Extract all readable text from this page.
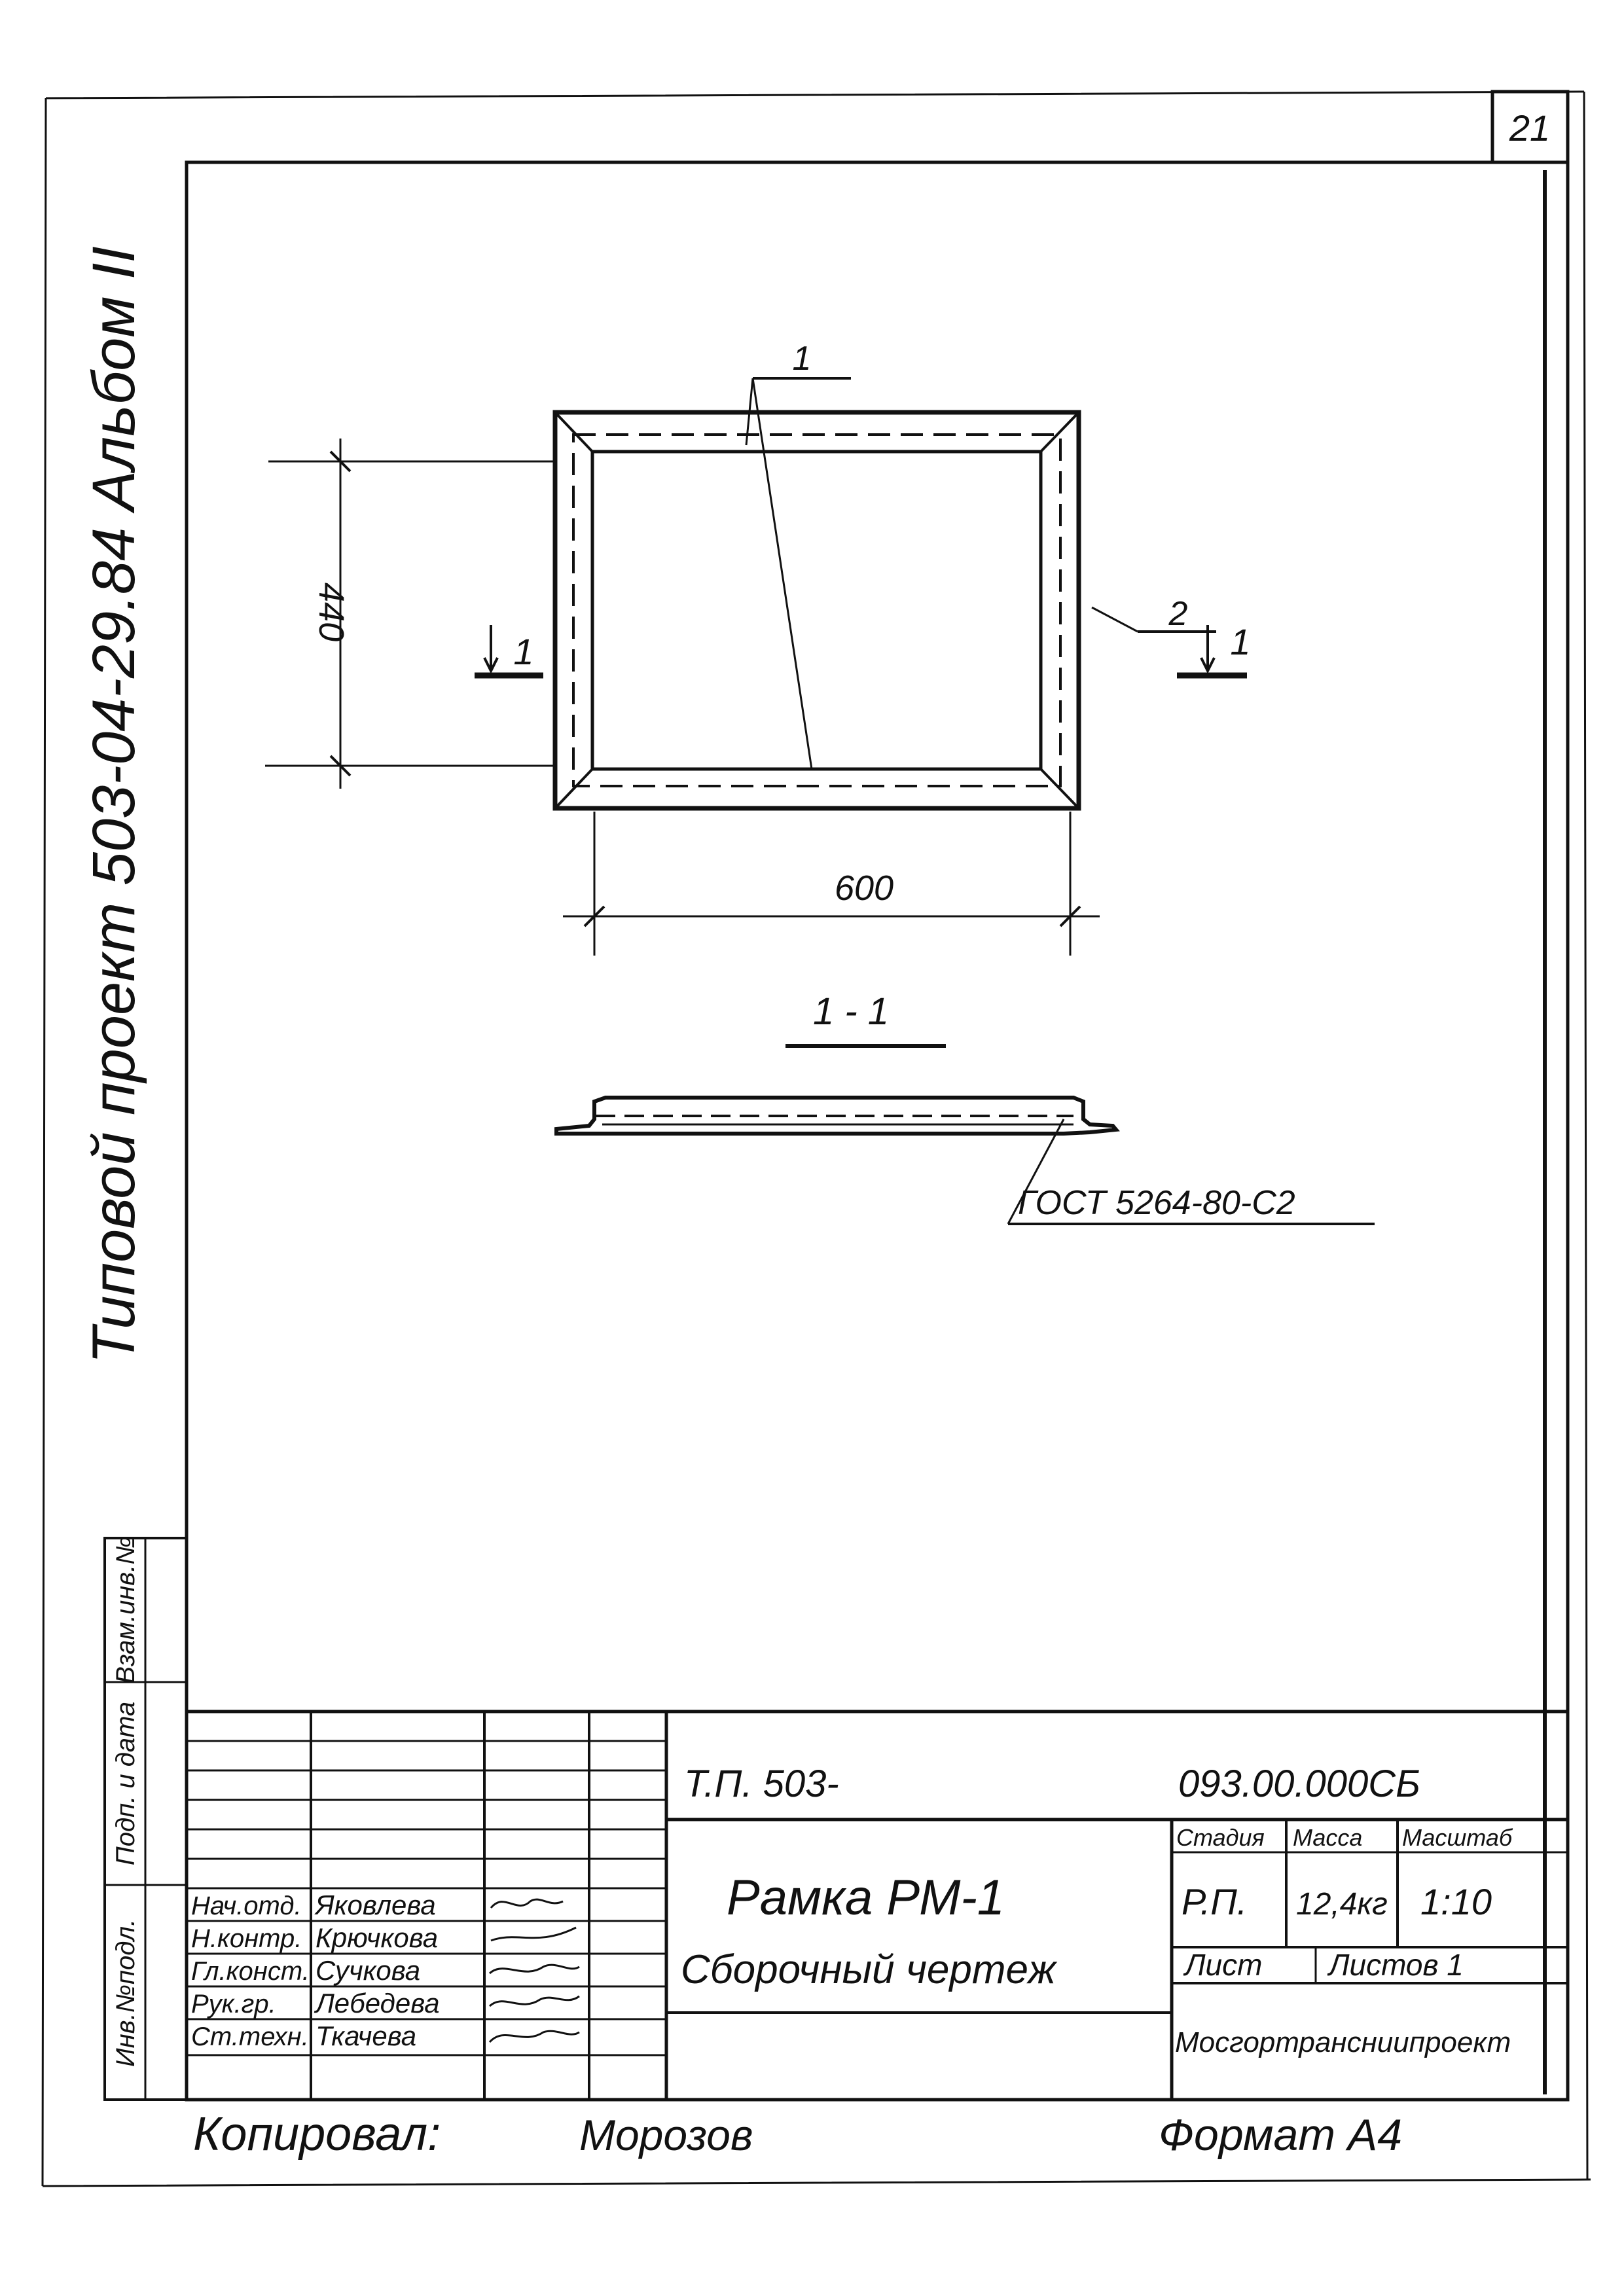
21
Типовой проект 503-04-29.84 Альбом II
Взам.инв.№
Подп. и дата
Инв.№подл.
1
2
1	1
440
600
1 - 1
ГОСТ 5264-80-С2
Т.П. 503-	093.00.000СБ
Рамка РМ-1
Сборочный чертеж
Стадия Масса Масштаб
Р.П. 12,4кг 1:10
Лист Листов 1
Мосгортрансниипроект
Нач.отд. Яковлева
Н.контр. Крючкова
Гл.конст. Сучкова
Рук.гр. Лебедева
Ст.техн. Ткачева
Копировал:	Морозов	Формат А4
